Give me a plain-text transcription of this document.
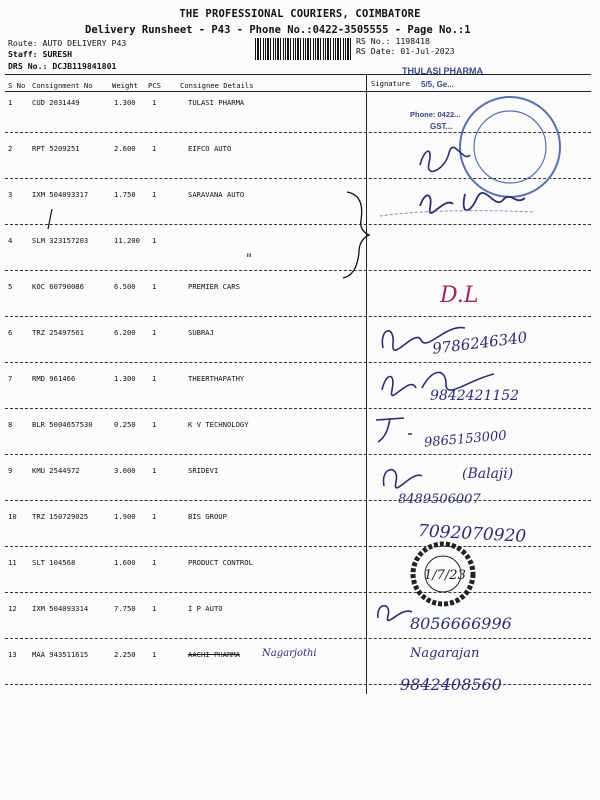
THE PROFESSIONAL COURIERS, COIMBATORE
Delivery Runsheet - P43 - Phone No.:0422-3505555 - Page No.:1
Route: AUTO DELIVERY P43
Staff: SURESH
DRS No.: DCJB119841801
RS No.: 1198418
RS Date: 01-Jul-2023
S No Consignment No	Weight PCS	Consignee Details	Signature
1	CUD 2031449	1.300 1	TULASI PHARMA
2	RPT 5209251	2.600 1	EIFCO AUTO
3	IXM 504093317	1.750 1	SARAVANA AUTO
4	SLM 323157203	11.200 1
5	KOC 60790086	6.500 1	PREMIER CARS
6	TRZ 25497561	6.200 1	SUBRAJ
7	RMD 961466	1.300 1	THEERTHAPATHY
8	BLR 5004657530	0.250 1	K V TECHNOLOGY
9	KMU 2544972	3.000 1	SRIDEVI
10 TRZ 150729025	1.900 1	BIS GROUP
11 SLT 104568	1.600 1	PRODUCT CONTROL
12 IXM 504093314	7.750 1	I P AUTO
13 MAA 943511615	2.250 1	AACHI PHARMA
THULASI PHARMA
5/5, Ge...
Phone: 0422...
GST...
"
D.L
9786246340
9842421152
9865153000
(Balaji)
8489506007
7092070920
1/7/23
8056666996
Nagarajan
9842408560
Nagarjothi
